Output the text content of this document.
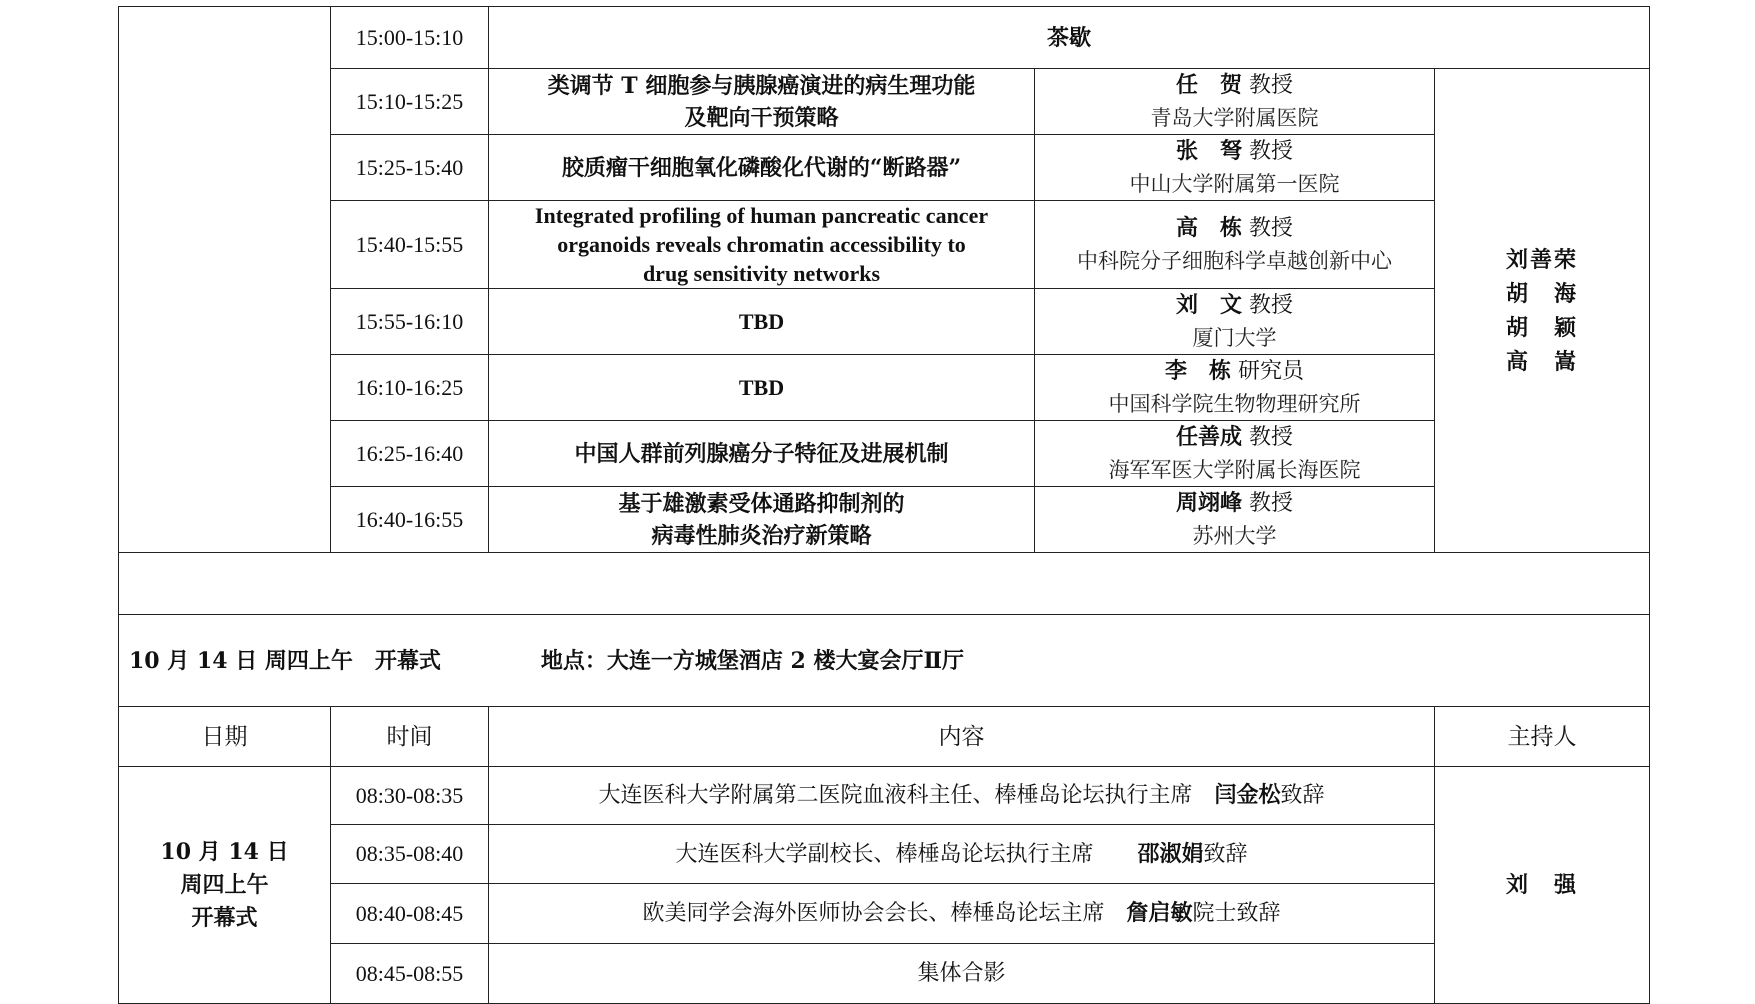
	15:00-15:10	茶歇		
	15:10-15:25	类调节 T 细胞参与胰腺癌演进的病生理功能
及靶向干预策略	任　贺 教授
青岛大学附属医院	刘善荣
胡　海
胡　颖
高　嵩

	15:25-15:40	胶质瘤干细胞氧化磷酸化代谢的“断路器”	张　弩 教授
中山大学附属第一医院	

	15:40-15:55	Integrated profiling of human pancreatic cancer
organoids reveals chromatin accessibility to
drug sensitivity networks	高　栋 教授
中科院分子细胞科学卓越创新中心	

	15:55-16:10	TBD	刘　文 教授
厦门大学	

	16:10-16:25	TBD	李　栋 研究员
中国科学院生物物理研究所	

	16:25-16:40	中国人群前列腺癌分子特征及进展机制	任善成 教授
海军军医大学附属长海医院	

	16:40-16:55	基于雄激素受体通路抑制剂的
病毒性肺炎治疗新策略	周翊峰 教授
苏州大学	

10 月 14 日 周四上午　开幕式 地点：大连一方城堡酒店 2 楼大宴会厅Ⅱ厅				
日期	时间	内容		主持人

10 月 14 日
周四上午
开幕式	08:30-08:35	大连医科大学附属第二医院血液科主任、棒棰岛论坛执行主席　闫金松致辞		刘　强
	08:35-08:40	大连医科大学副校长、棒棰岛论坛执行主席　　邵淑娟致辞		
	08:40-08:45	欧美同学会海外医师协会会长、棒棰岛论坛主席　詹启敏院士致辞		
	08:45-08:55	集体合影		
